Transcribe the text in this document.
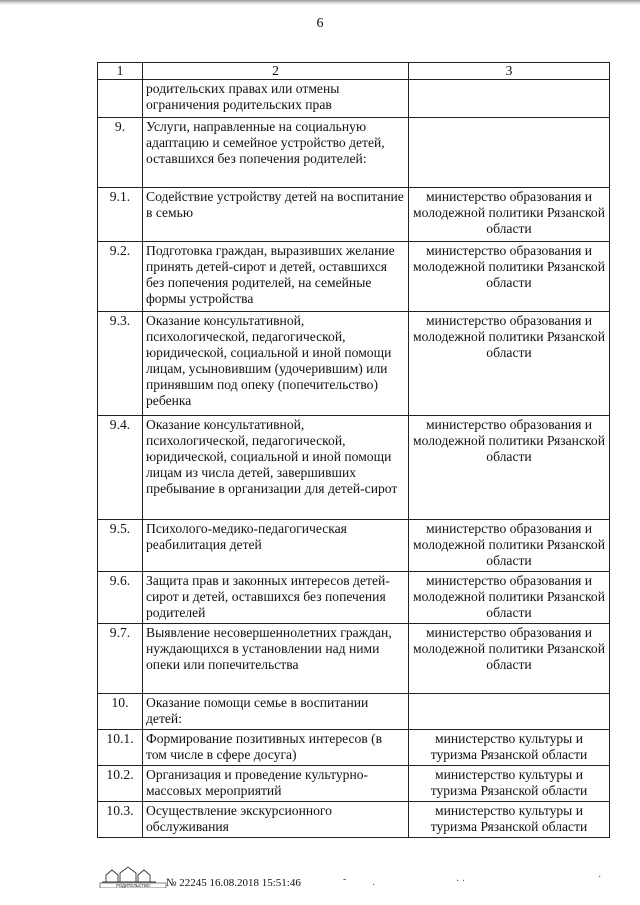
6
1	2	3
	родительских правах или отмены ограничения родительских прав	
9.	Услуги, направленные на социальную адаптацию и семейное устройство детей, оставшихся без попечения родителей:	
9.1.	Содействие устройству детей на воспитание в семью	министерство образования и молодежной политики Рязанской области
9.2.	Подготовка граждан, выразивших желание принять детей-сирот и детей, оставшихся без попечения родителей, на семейные формы устройства	министерство образования и молодежной политики Рязанской области
9.3.	Оказание консультативной, психологической, педагогической, юридической, социальной и иной помощи лицам, усыновившим (удочерившим) или принявшим под опеку (попечительство) ребенка	министерство образования и молодежной политики Рязанской области
9.4.	Оказание консультативной, психологической, педагогической, юридической, социальной и иной помощи лицам из числа детей, завершивших пребывание в организации для детей-сирот	министерство образования и молодежной политики Рязанской области
9.5.	Психолого-медико-педагогическая реабилитация детей	министерство образования и молодежной политики Рязанской области
9.6.	Защита прав и законных интересов детей-сирот и детей, оставшихся без попечения родителей	министерство образования и молодежной политики Рязанской области
9.7.	Выявление несовершеннолетних граждан, нуждающихся в установлении над ними опеки или попечительства	министерство образования и молодежной политики Рязанской области
10.	Оказание помощи семье в воспитании детей:	
10.1.	Формирование позитивных интересов (в том числе в сфере досуга)	министерство культуры и туризма Рязанской области
10.2.	Организация и проведение культурно-массовых мероприятий	министерство культуры и туризма Рязанской области
10.3.	Осуществление экскурсионного обслуживания	министерство культуры и туризма Рязанской области
РОДИТЕЛЬСТВО № 22245 16.08.2018 15:51:46	-
·	· ·	·
